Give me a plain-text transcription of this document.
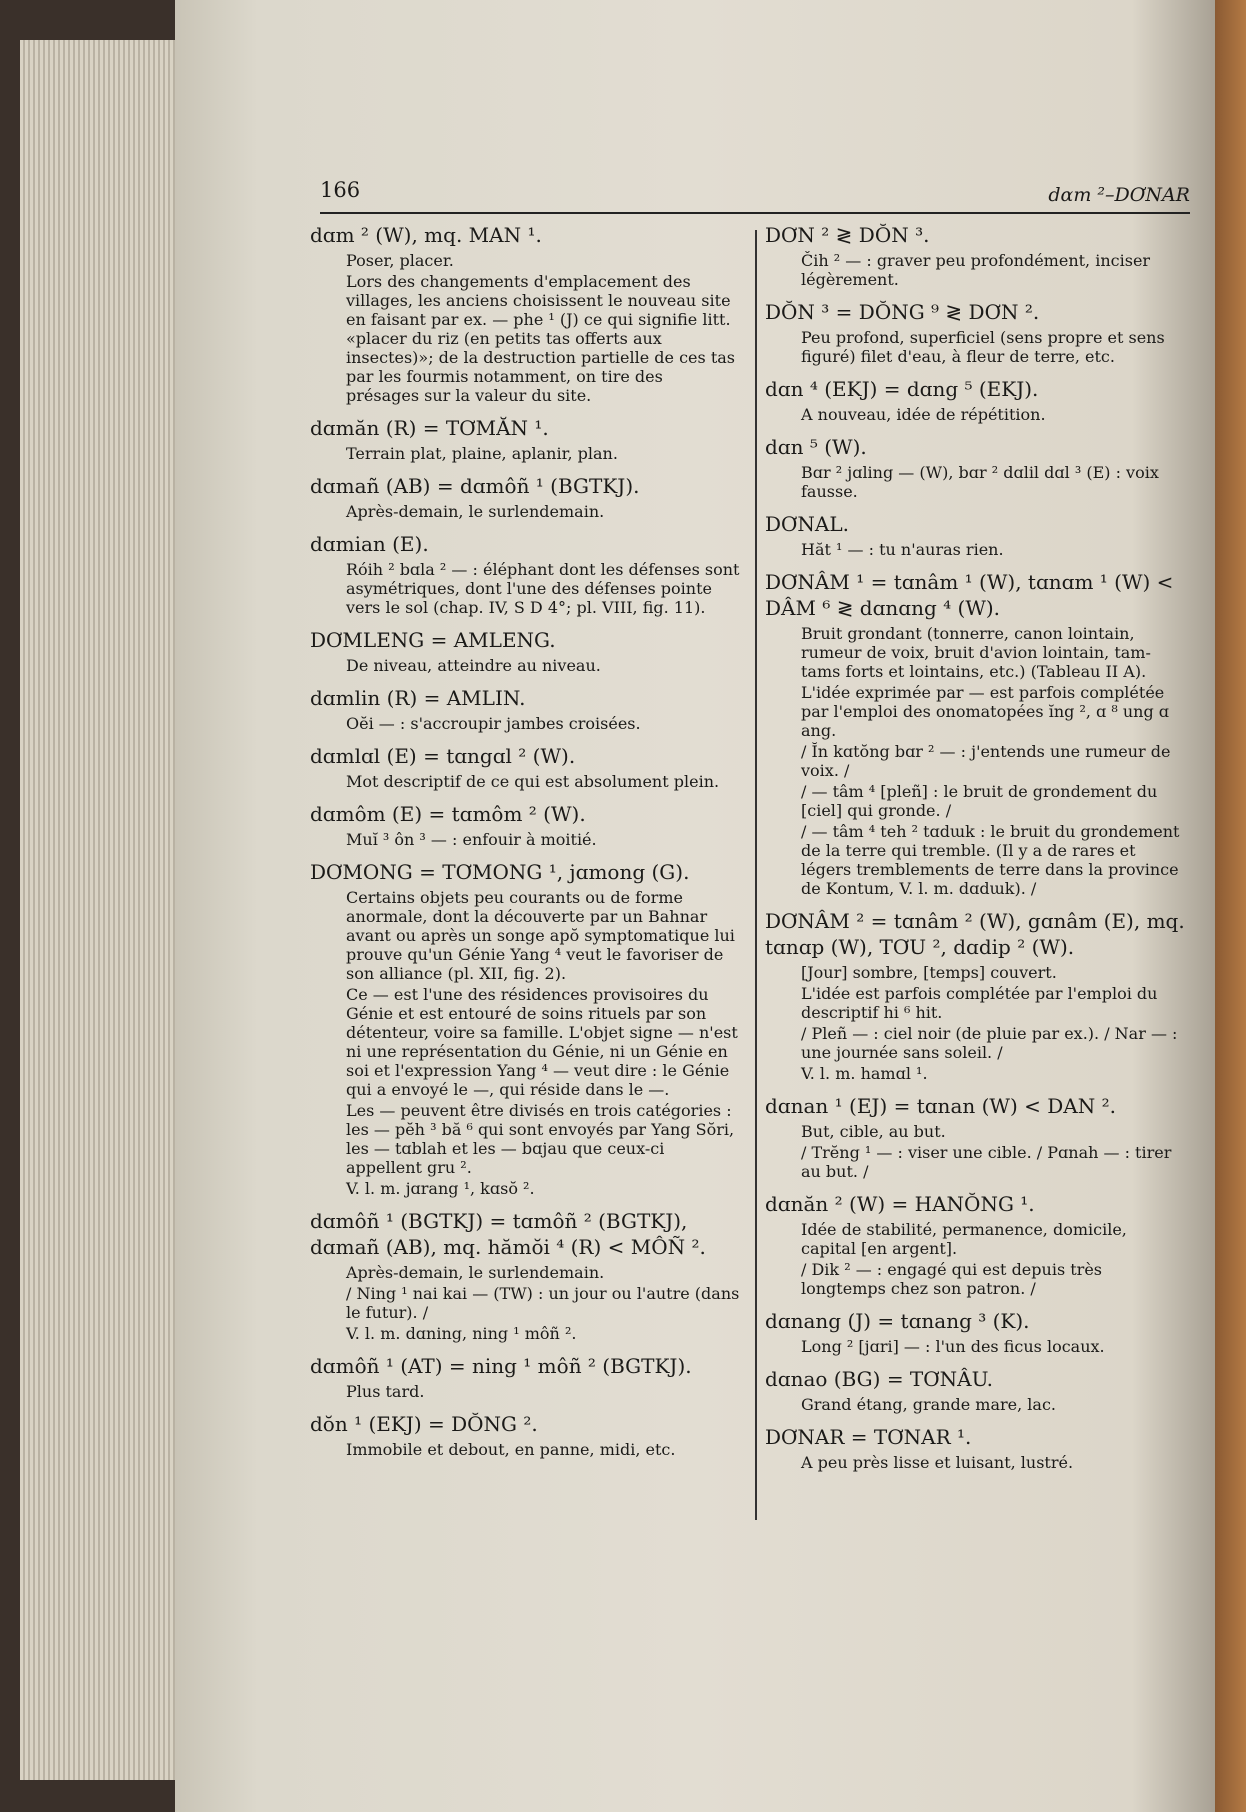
166	dɑm ²–DƠNAR
dɑm ² (W), mq. MAN ¹.
Poser, placer.
Lors des changements d'emplacement des villages, les anciens choisissent le nouveau site en faisant par ex. — phe ¹ (J) ce qui signifie litt. «placer du riz (en petits tas offerts aux insectes)»; de la destruction partielle de ces tas par les fourmis notamment, on tire des présages sur la valeur du site.
dɑmăn (R) = TƠMĂN ¹.
Terrain plat, plaine, aplanir, plan.
dɑmañ (AB) = dɑmôñ ¹ (BGTKJ).
Après-demain, le surlendemain.
dɑmian (E).
Róih ² bɑla ² — : éléphant dont les défenses sont asymétriques, dont l'une des défenses pointe vers le sol (chap. IV, S D 4°; pl. VIII, fig. 11).
DƠMLENG = AMLENG.
De niveau, atteindre au niveau.
dɑmlin (R) = AMLIN.
Oĕi — : s'accroupir jambes croisées.
dɑmlɑl (E) = tɑngɑl ² (W).
Mot descriptif de ce qui est absolument plein.
dɑmôm (E) = tɑmôm ² (W).
Muĭ ³ ôn ³ — : enfouir à moitié.
DƠMONG = TƠMONG ¹, jɑmong (G).
Certains objets peu courants ou de forme anormale, dont la découverte par un Bahnar avant ou après un songe apŏ symptomatique lui prouve qu'un Génie Yang ⁴ veut le favoriser de son alliance (pl. XII, fig. 2).
Ce — est l'une des résidences provisoires du Génie et est entouré de soins rituels par son détenteur, voire sa famille. L'objet signe — n'est ni une représentation du Génie, ni un Génie en soi et l'expression Yang ⁴ — veut dire : le Génie qui a envoyé le —, qui réside dans le —.
Les — peuvent être divisés en trois catégories : les — pĕh ³ bă ⁶ qui sont envoyés par Yang Sŏri, les — tɑblah et les — bɑjau que ceux-ci appellent gru ².
V. l. m. jɑrang ¹, kɑsŏ ².
dɑmôñ ¹ (BGTKJ) = tɑmôñ ² (BGTKJ), dɑmañ (AB), mq. hămŏi ⁴ (R) < MÔÑ ².
Après-demain, le surlendemain.
/ Ning ¹ nai kai — (TW) : un jour ou l'autre (dans le futur). /
V. l. m. dɑning, ning ¹ môñ ².
dɑmôñ ¹ (AT) = ning ¹ môñ ² (BGTKJ).
Plus tard.
dŏn ¹ (EKJ) = DŎNG ².
Immobile et debout, en panne, midi, etc.
DƠN ² ≷ DŎN ³.
Čih ² — : graver peu profondément, inciser légèrement.
DŎN ³ = DŎNG ⁹ ≷ DƠN ².
Peu profond, superficiel (sens propre et sens figuré) filet d'eau, à fleur de terre, etc.
dɑn ⁴ (EKJ) = dɑng ⁵ (EKJ).
A nouveau, idée de répétition.
dɑn ⁵ (W).
Bɑr ² jɑling — (W), bɑr ² dɑlil dɑl ³ (E) : voix fausse.
DƠNAL.
Hăt ¹ — : tu n'auras rien.
DƠNÂM ¹ = tɑnâm ¹ (W), tɑnɑm ¹ (W) < DÂM ⁶ ≷ dɑnɑng ⁴ (W).
Bruit grondant (tonnerre, canon lointain, rumeur de voix, bruit d'avion lointain, tam-tams forts et lointains, etc.) (Tableau II A).
L'idée exprimée par — est parfois complétée par l'emploi des onomatopées ĭng ², ɑ ⁸ ung ɑ ang.
/ Ĭn kɑtŏng bɑr ² — : j'entends une rumeur de voix. /
/ — tâm ⁴ [pleñ] : le bruit de grondement du [ciel] qui gronde. /
/ — tâm ⁴ teh ² tɑdɯk : le bruit du grondement de la terre qui tremble. (Il y a de rares et légers tremblements de terre dans la province de Kontum, V. l. m. dɑdɯk). /
DƠNÂM ² = tɑnâm ² (W), gɑnâm (E), mq. tɑnɑp (W), TƠU ², dɑdip ² (W).
[Jour] sombre, [temps] couvert.
L'idée est parfois complétée par l'emploi du descriptif hi ⁶ hit.
/ Pleñ — : ciel noir (de pluie par ex.). / Nar — : une journée sans soleil. /
V. l. m. hamɑl ¹.
dɑnan ¹ (EJ) = tɑnan (W) < DAN ².
But, cible, au but.
/ Trĕng ¹ — : viser une cible. / Pɑnah — : tirer au but. /
dɑnăn ² (W) = HANŎNG ¹.
Idée de stabilité, permanence, domicile, capital [en argent].
/ Dik ² — : engagé qui est depuis très longtemps chez son patron. /
dɑnang (J) = tɑnang ³ (K).
Long ² [jɑri] — : l'un des ficus locaux.
dɑnao (BG) = TƠNÂU.
Grand étang, grande mare, lac.
DƠNAR = TƠNAR ¹.
A peu près lisse et luisant, lustré.
